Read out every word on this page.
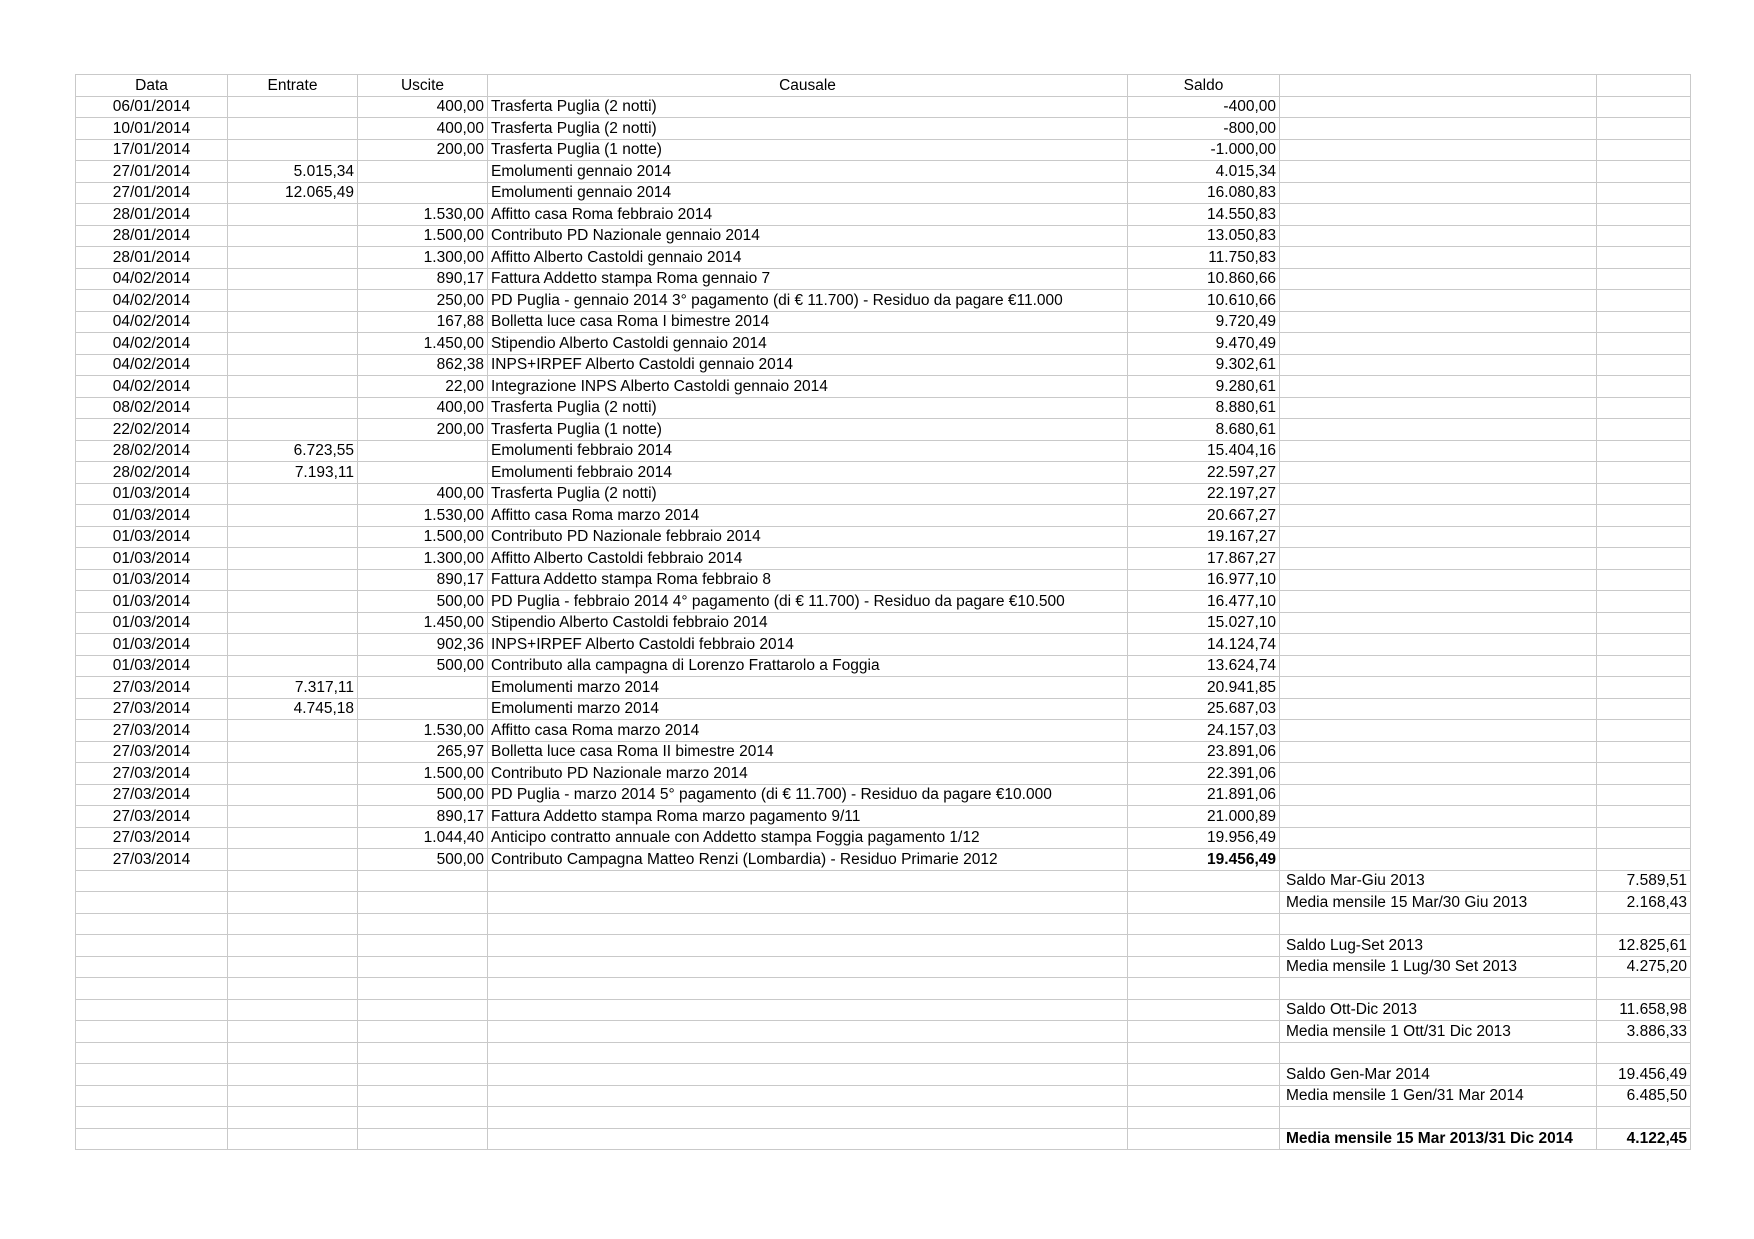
Data	Entrate	Uscite	Causale	Saldo		
06/01/2014		400,00	Trasferta Puglia (2 notti)	-400,00		
10/01/2014		400,00	Trasferta Puglia (2 notti)	-800,00		
17/01/2014		200,00	Trasferta Puglia (1 notte)	-1.000,00		
27/01/2014	5.015,34		Emolumenti gennaio 2014	4.015,34		
27/01/2014	12.065,49		Emolumenti gennaio 2014	16.080,83		
28/01/2014		1.530,00	Affitto casa Roma febbraio 2014	14.550,83		
28/01/2014		1.500,00	Contributo PD Nazionale gennaio 2014	13.050,83		
28/01/2014		1.300,00	Affitto Alberto Castoldi gennaio 2014	11.750,83		
04/02/2014		890,17	Fattura Addetto stampa Roma gennaio 7	10.860,66		
04/02/2014		250,00	PD Puglia - gennaio 2014 3° pagamento (di € 11.700) - Residuo da pagare €11.000	10.610,66		
04/02/2014		167,88	Bolletta luce casa Roma I bimestre 2014	9.720,49		
04/02/2014		1.450,00	Stipendio Alberto Castoldi gennaio 2014	9.470,49		
04/02/2014		862,38	INPS+IRPEF Alberto Castoldi gennaio 2014	9.302,61		
04/02/2014		22,00	Integrazione INPS Alberto Castoldi gennaio 2014	9.280,61		
08/02/2014		400,00	Trasferta Puglia (2 notti)	8.880,61		
22/02/2014		200,00	Trasferta Puglia (1 notte)	8.680,61		
28/02/2014	6.723,55		Emolumenti febbraio 2014	15.404,16		
28/02/2014	7.193,11		Emolumenti febbraio 2014	22.597,27		
01/03/2014		400,00	Trasferta Puglia (2 notti)	22.197,27		
01/03/2014		1.530,00	Affitto casa Roma marzo 2014	20.667,27		
01/03/2014		1.500,00	Contributo PD Nazionale febbraio 2014	19.167,27		
01/03/2014		1.300,00	Affitto Alberto Castoldi febbraio 2014	17.867,27		
01/03/2014		890,17	Fattura Addetto stampa Roma febbraio 8	16.977,10		
01/03/2014		500,00	PD Puglia - febbraio 2014 4° pagamento (di € 11.700) - Residuo da pagare €10.500	16.477,10		
01/03/2014		1.450,00	Stipendio Alberto Castoldi febbraio 2014	15.027,10		
01/03/2014		902,36	INPS+IRPEF Alberto Castoldi febbraio 2014	14.124,74		
01/03/2014		500,00	Contributo alla campagna di Lorenzo Frattarolo a Foggia	13.624,74		
27/03/2014	7.317,11		Emolumenti marzo 2014	20.941,85		
27/03/2014	4.745,18		Emolumenti marzo 2014	25.687,03		
27/03/2014		1.530,00	Affitto casa Roma marzo 2014	24.157,03		
27/03/2014		265,97	Bolletta luce casa Roma II bimestre 2014	23.891,06		
27/03/2014		1.500,00	Contributo PD Nazionale marzo 2014	22.391,06		
27/03/2014		500,00	PD Puglia - marzo 2014 5° pagamento (di € 11.700) - Residuo da pagare €10.000	21.891,06		
27/03/2014		890,17	Fattura Addetto stampa Roma marzo pagamento 9/11	21.000,89		
27/03/2014		1.044,40	Anticipo contratto annuale con Addetto stampa Foggia pagamento 1/12	19.956,49		
27/03/2014		500,00	Contributo Campagna Matteo Renzi (Lombardia) - Residuo Primarie 2012	19.456,49		
					Saldo Mar-Giu 2013	7.589,51
					Media mensile 15 Mar/30 Giu 2013	2.168,43

					Saldo Lug-Set 2013	12.825,61
					Media mensile 1 Lug/30 Set 2013	4.275,20

					Saldo Ott-Dic 2013	11.658,98
					Media mensile 1 Ott/31 Dic 2013	3.886,33

					Saldo Gen-Mar 2014	19.456,49
					Media mensile 1 Gen/31 Mar 2014	6.485,50

					Media mensile 15 Mar 2013/31 Dic 2014	4.122,45
